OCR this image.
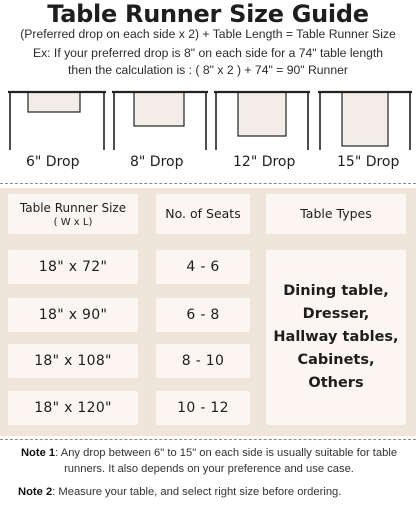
Table Runner Size Guide
(Preferred drop on each side x 2) + Table Length = Table Runner Size
Ex: If your preferred drop is 8" on each side for a 74" table length
then the calculation is : ( 8" x 2 ) + 74" = 90" Runner
6" Drop	8" Drop	12" Drop	15" Drop
Table Runner Size
( W x L)
No. of Seats	Table Types
18" x 72"	4 - 6
18" x 90"	6 - 8
18" x 108"	8 - 10
18" x 120"	10 - 12
Dining table,
Dresser,
Hallway tables,
Cabinets,
Others
Note 1: Any drop between 6" to 15" on each side is usually suitable for table runners. It also depends on your preference and use case.
Note 2: Measure your table, and select right size before ordering.
